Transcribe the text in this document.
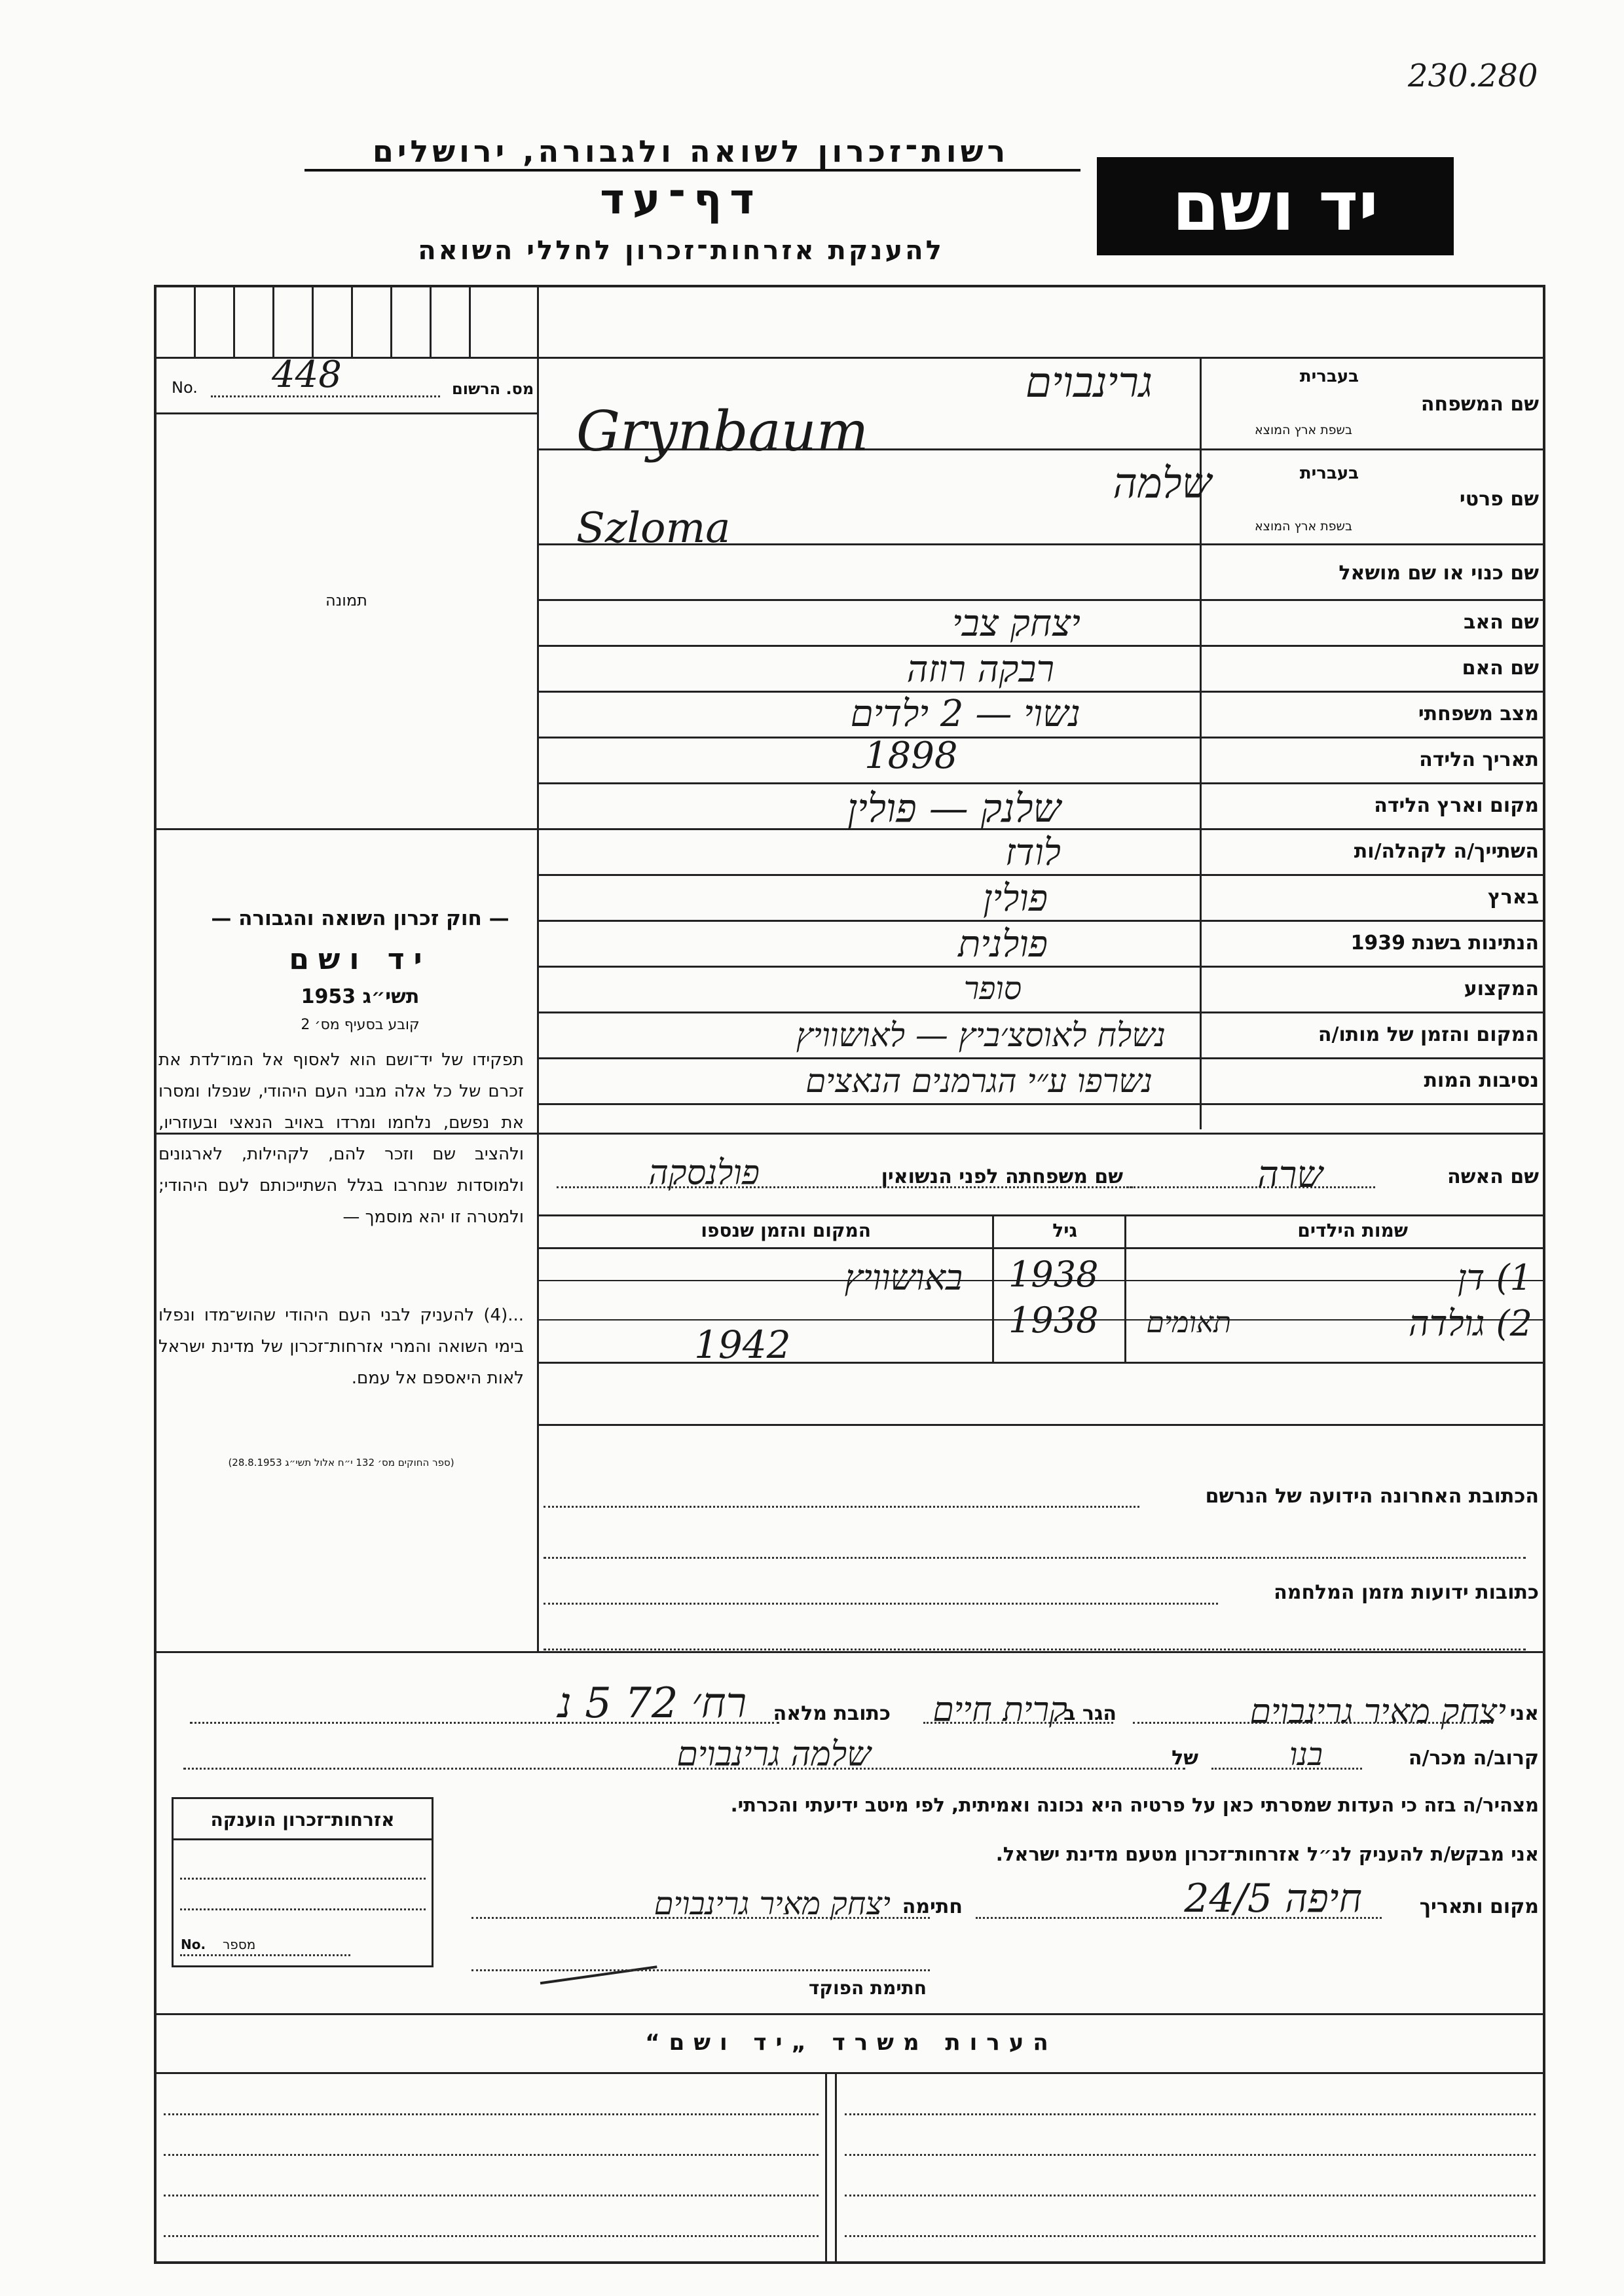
230.280
רשות־זכרון לשואה ולגבורה, ירושלים
דף־עד
להענקת אזרחות־זכרון לחללי השואה
יד ושם
מס. הרשום
No. 448
תמונה
בעברית
שם המשפחה
בשפת ארץ המוצא
גרינבוים
Grynbaum
בעברית
שם פרטי
בשפת ארץ המוצא
שלמה
Szloma
שם כנוי או שם מושאל
שם האב
יצחק צבי
שם האם
רבקה רוזה
מצב משפחתי
נשוי — 2 ילדים
תאריך הלידה
1898
מקום וארץ הלידה
שלנק — פולין
השתייך/ה לקהלה/ות
לודז
בארץ
פולין
הנתינות בשנת 1939
פולנית
המקצוע
סופר
המקום והזמן של מותו/ה
נשלח לאוסצ׳ביץ — לאושוויץ
נסיבות המות
נשרפו ע״י הגרמנים הנאצים
שם האשה
שרה
שם משפחתה לפני הנשואין
פולנסקה
שמות הילדים
גיל
המקום והזמן שנספו
1) דן
1938
באושוויץ
2) גולדה
תאומים
1938
1942
— חוק זכרון השואה והגבורה —
יד ושם
תשי״ג 1953
קובע בסעיף מס׳ 2
תפקידו של יד־ושם הוא לאסוף אל המו־לדת את זכרם של כל אלה מבני העם היהודי, שנפלו ומסרו את נפשם, נלחמו ומרדו באויב הנאצי ובעוזריו, ולהציב שם וזכר להם, לקהילות, לארגונים ולמוסדות שנחרבו בגלל השתייכותם לעם היהודי; ולמטרה זו יהא מוסמך —
...(4) להעניק לבני העם היהודי שהוש־מדו ונפלו בימי השואה והמרי אזרחות־זכרון של מדינת ישראל לאות היאספם אל עמם.
(ספר החוקים מס׳ 132 י״ח אלול תשי״ג 28.8.1953)
הכתובת האחרונה הידועה של הנרשם
כתובות ידועות מזמן המלחמה
אני
יצחק מאיר גרינבוים
הגר ב
קרית חיים
כתובת מלאה
רח׳ 72 5 נ
קרוב/ה מכר/ה
בנו
של
שלמה גרינבוים
מצהיר/ה בזה כי העדות שמסרתי כאן על פרטיה היא נכונה ואמיתית, לפי מיטב ידיעתי והכרתי.
אני מבקש/ת להעניק לנ״ל אזרחות־זכרון מטעם מדינת ישראל.
מקום ותאריך
חיפה 24/5
חתימה
יצחק מאיר גרינבוים
חתימת הפוקד
אזרחות־זכרון הוענקה
מספר
No.
הערות משרד „יד ושם“
